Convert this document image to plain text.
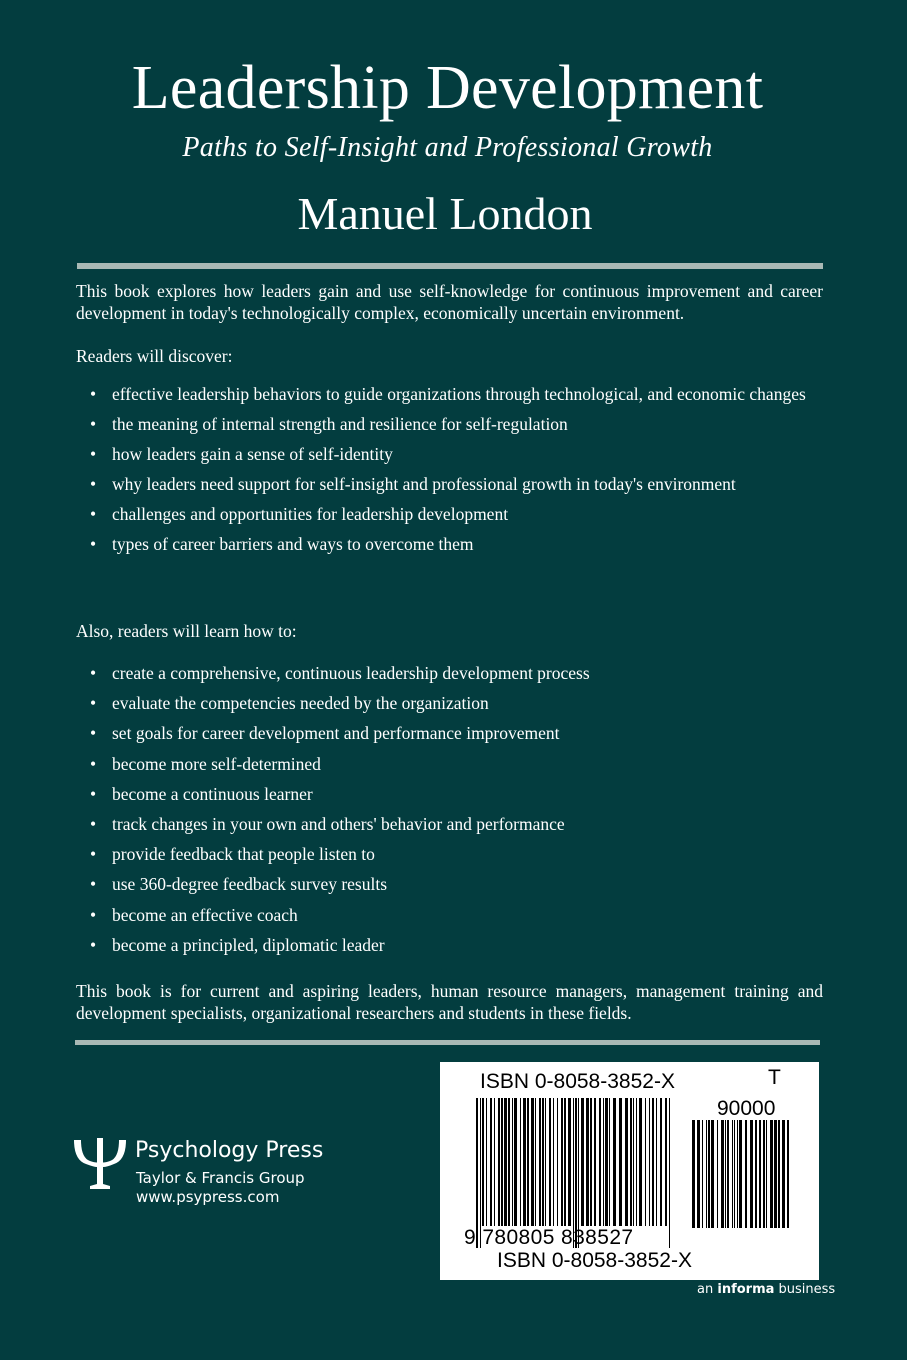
Leadership Development
Paths to Self-Insight and Professional Growth
Manuel London

This book explores how leaders gain and use self-knowledge for continuous improvement and career development in today's technologically complex, economically uncertain environment.

Readers will discover:

• effective leadership behaviors to guide organizations through technological, and economic changes
• the meaning of internal strength and resilience for self-regulation
• how leaders gain a sense of self-identity
• why leaders need support for self-insight and professional growth in today's environment
• challenges and opportunities for leadership development
• types of career barriers and ways to overcome them

Also, readers will learn how to:

• create a comprehensive, continuous leadership development process
• evaluate the competencies needed by the organization
• set goals for career development and performance improvement
• become more self-determined
• become a continuous learner
• track changes in your own and others' behavior and performance
• provide feedback that people listen to
• use 360-degree feedback survey results
• become an effective coach
• become a principled, diplomatic leader

This book is for current and aspiring leaders, human resource managers, management training and development specialists, organizational researchers and students in these fields.

Psychology Press
Taylor & Francis Group
www.psypress.com
ISBN 0-8058-3852-X	T
90000
9 780805 838527
ISBN 0-8058-3852-X
an informa business
